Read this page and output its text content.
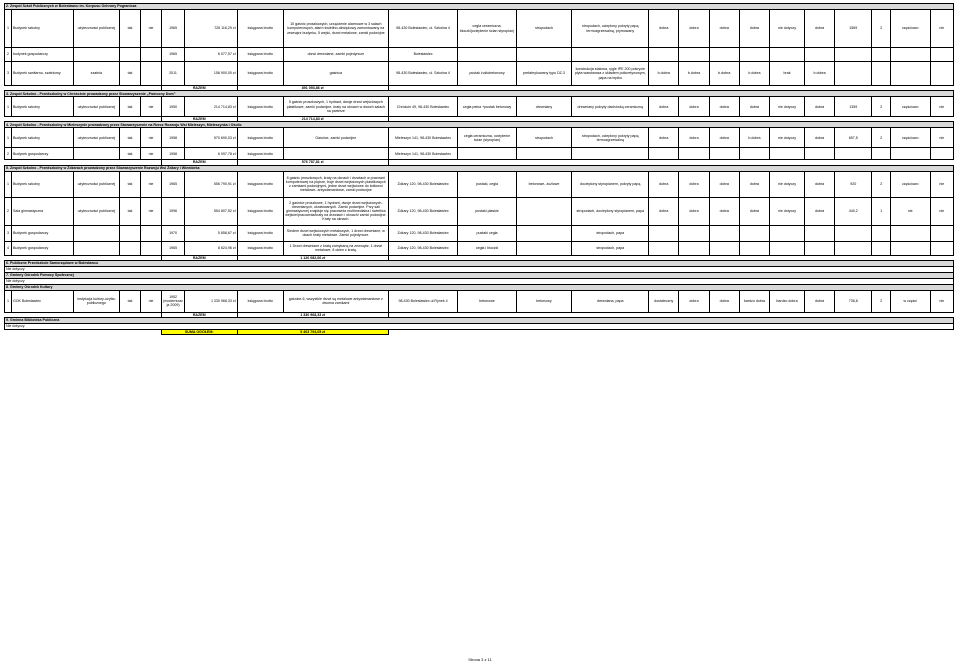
2. Zespół Szkół Publicznych w Bolesławcu im. Korpusu Ochrony Pogranicza																						
1	Budynek szkolny	użyteczności publicznej	tak	nie	1965	726 116,29 zł	księgowa brutto	10 gaśnic proszkowych, urządzenie alarmowe w 3 salach komputerowych, alarm świetlno-dźwiękowy zamontowany na zewnątrz budynku, 5 wejść, drzwi metalowe, zamki podwójne	98-430 Bolesławiec, ul. Szkolna 4	cegła ceramiczna, bloczki(ocieplenie ścian styropian)	stropodach	stropodach, ocieplony pokryty papą termozgrzewalną, prymowany	dobra	dobra	dobra	dobra	nie dotyczy	dobra	1569	2	częściowo	nie
2	budynek gospodarczy				1965	6 077,57 zł	księgowa brutto	drzwi drewniane, zamki pojedyncze	Bolesławiec													
3	Budynek sanitarno- szatniowy	szatnia	tak		2011	158 900,00 zł	księgowa brutto	gaśnica	98-430 Bolesławiec, ul. Szkolna 4	pustak żużlobetonowy	prefabrykowany typu DZ-3	konstrukcja stalowa, rygle IPE 200 pokrycie płyta warstwowa z układem poliuretynowym, papa na lepiku	b.dobra	b.dobra	b.dobra	b.dobra	brak	b.dobra				
					RAZEM		891 093,86 zł															
3. Zespół Szkolno - Przedszkolny w Chróścinie prowadzony przez Stowarzyszenie „Pomocny Dom”																						
1	Budynek szkolny	użyteczności publicznej	tak	nie	1950	214 714,83 zł	księgowa brutto	5 gaśnic proszkowych, 1 hydrant, dwoje drzwi wejściowych plastikowe, zamki podwójne, kraty na oknach w dwóch salach na parterze	Chróścin 49, 98-430 Bolesławiec	cegła pełna +pustak betonowy	drewniany	drewniany pokryty dachówką ceramiczną	dobra	dobra	dobra	dobra	nie dotyczy	dobra	1359	2	częściowo	nie
					RAZEM		214 714,83 zł															
4. Zespół Szkolno - Przedszkolny w Mieleszynie prowadzony przez Stowarzyszenie na Rzecz Rozwoju Wsi Mieleszyn, Mieleszynka i Okolic																						
1	Budynek szkolny	użyteczności publicznej	tak	nie	1958	570 690,03 zł	księgowa brutto	Gaśnice, zamki podwójne	Mieleszyn 141, 98-430 Bolesławiec	cegła ceramiczna, ocieplenie ścian (styropian)	stropodach	stropodach, ocieplony pokryty papą termozgrzewalną	dobra	dobra	dobra	b.dobra	nie dotyczy	dobra	657,5	2	częściowo	nie
2	Budynek gospodarczy		tak	nie	1958	6 097,78 zł	księgowa brutto		Mieleszyn 141, 98-430 Bolesławiec													
					RAZEM		576 787,81 zł															
5. Zespół Szkolno - Przedszkolny w Żdżarach prowadzony przez Stowarzyszenie Rozwoju Wsi Żdżary i Wiewiórka																						
1	Budynek szkolny	użyteczności publicznej	tak	nie	1965	556 790,91 zł	księgowa brutto	8 gaśnic proszkowych, kraty na oknach i drzwiach w pracowni komputerowej na piętrze, troje drzwi wejściowych plastikowych z zamkami podwójnymi, jedne drzwi wejściowe do kotłowni metalowe- antywłamaniowe, zamki podwójne	Żdżary 120, 98-430 Bolesławiec	pustaki, cegła	betonowe- żużlowe	docieplony styropianem, pokryty papą	dobra	dobra	dobra	dobra	nie dotyczy	dobra	920	2	częściowo	nie
2	Sala gimnastyczna	użyteczności publicznej	tak	nie	1996	554 807,52 zł	księgowa brutto	2 gaśnice proszkowe, 1 hydrant, dwoje drzwi wejściowych-drewnianych, okratowanych. Zamki podwójne. Przy sali gimnastycznej znajduje się pracownia multimedialna i świetlica wejście/pracownia/kraty na drzwiach i oknach/ zamki podwójne. Kraty na oknach.	Żdżary 120, 98-430 Bolesławiec	pustaki płaskie		stropodach, docieplony styropianem, papa	dobra	dobra	dobra	dobra	nie dotyczy	dobra	440,2	1	nie	nie
3	Budynek gospodarczy				1970	5 858,67 zł	księgowa brutto	Siedem drzwi wejściowych metalowych, 1 drzwi drewniane, w okach kraty metalowe. Zamki pojedyncze.	Żdżary 120, 98-430 Bolesławiec	pustaki cegła		stropodach, papa										
4	Budynek gospodarczy				1965	8 624,96 zł	księgowa brutto	1 Drzwi drewniane z kratą zamykaną na zewnątrz. 1 drzwi metalowe, 8 okien z kratą.	Żdżary 120, 98-430 Bolesławiec	cegła i bloczki		stropodach, papa										
					RAZEM		1 126 082,06 zł															
6. Publiczne Przedszkole Samorządowe w Bolesławcu																						
Nie dotyczy																						
7. Gminny Ośrodek Pomocy Społecznej																						
Nie dotyczy																						
8. Gminny Ośrodek Kultury																						
1	GOK Bolesławiec	instytucja kultury-użytku publicznego	tak	nie	1952 (modernizacja 2009)	1 330 968,33 zł	księgowa brutto	gaśnice-6, wszystkie drzwi są metalowe antywłamaniowe z dwoma zamkami	98-430 Bolesławiec ul.Rynek 4	betonowe	betonowy	drewniana, papa	dostateczny	dobra	dobra	bardzo dobra	bardzo dobra	dobra	736,8	2	w części	nie
					RAZEM		1 330 968,33 zł															
9. Gminna Biblioteka Publiczna																						
Nie dotyczy																						
					SUMA OGÓŁEM:		5 463 794,65 zł															
Strona 3 z 11
